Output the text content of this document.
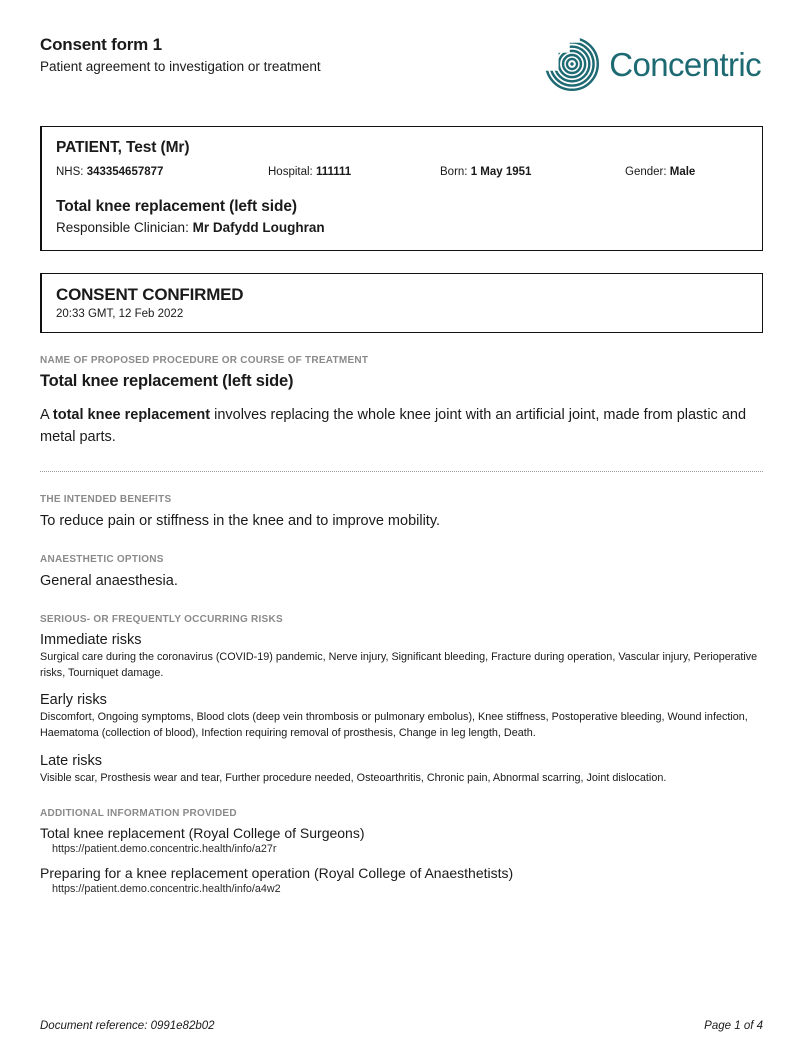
Consent form 1

Patient agreement to investigation or treatment	Concentric

PATIENT, Test (Mr)

NHS: 343354657877	Hospital: 111111	Born: 1 May 1951	Gender: Male

Total knee replacement (left side)

Responsible Clinician: Mr Dafydd Loughran

CONSENT CONFIRMED

20:33 GMT, 12 Feb 2022

NAME OF PROPOSED PROCEDURE OR COURSE OF TREATMENT

Total knee replacement (left side)

A total knee replacement involves replacing the whole knee joint with an artificial joint, made from plastic and metal parts.

THE INTENDED BENEFITS

To reduce pain or stiffness in the knee and to improve mobility.

ANAESTHETIC OPTIONS

General anaesthesia.

SERIOUS- OR FREQUENTLY OCCURRING RISKS

Immediate risks

Surgical care during the coronavirus (COVID-19) pandemic, Nerve injury, Significant bleeding, Fracture during operation, Vascular injury, Perioperative risks, Tourniquet damage.

Early risks

Discomfort, Ongoing symptoms, Blood clots (deep vein thrombosis or pulmonary embolus), Knee stiffness, Postoperative bleeding, Wound infection, Haematoma (collection of blood), Infection requiring removal of prosthesis, Change in leg length, Death.

Late risks

Visible scar, Prosthesis wear and tear, Further procedure needed, Osteoarthritis, Chronic pain, Abnormal scarring, Joint dislocation.

ADDITIONAL INFORMATION PROVIDED

Total knee replacement (Royal College of Surgeons)

https://patient.demo.concentric.health/info/a27r

Preparing for a knee replacement operation (Royal College of Anaesthetists)

https://patient.demo.concentric.health/info/a4w2

Document reference: 0991e82b02	Page 1 of 4
